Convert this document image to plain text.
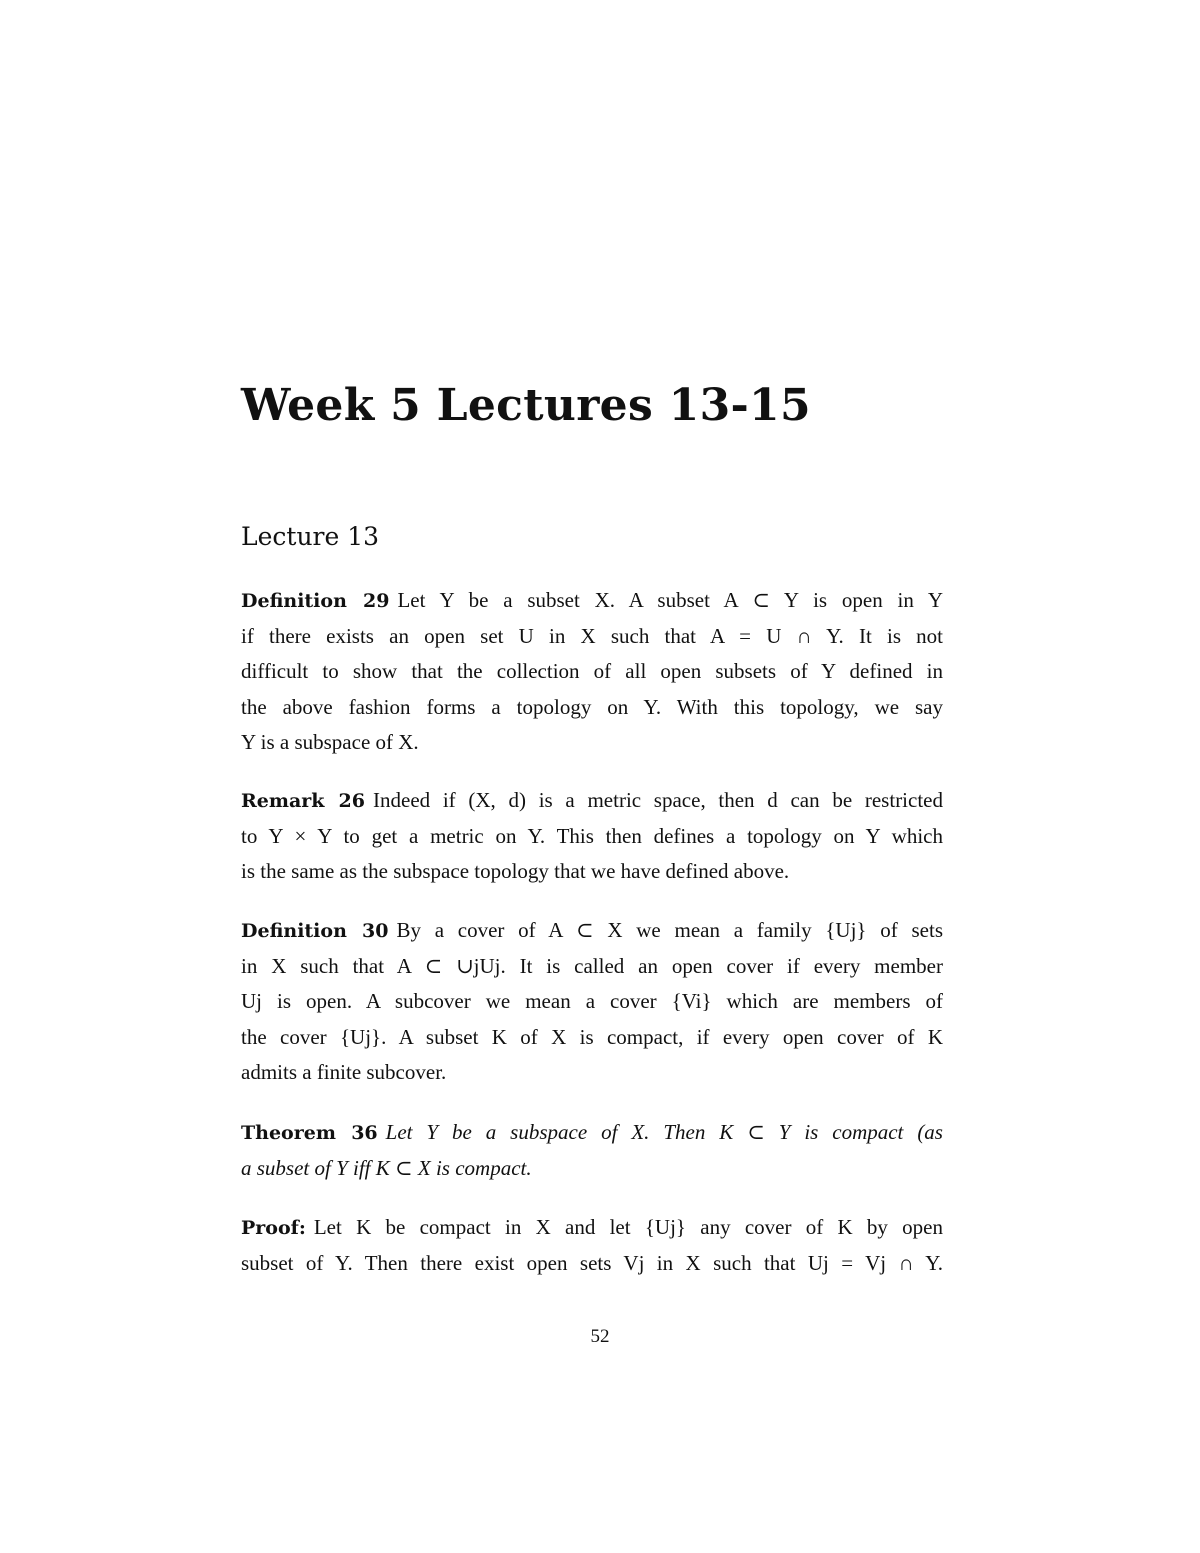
Week 5 Lectures 13-15
Lecture 13
Definition 29 Let Y be a subset X. A subset A ⊂ Y is open in Y
if there exists an open set U in X such that A = U ∩ Y. It is not
difficult to show that the collection of all open subsets of Y defined in
the above fashion forms a topology on Y. With this topology, we say
Y is a subspace of X.
Remark 26 Indeed if (X, d) is a metric space, then d can be restricted
to Y × Y to get a metric on Y. This then defines a topology on Y which
is the same as the subspace topology that we have defined above.
Definition 30 By a cover of A ⊂ X we mean a family {Uj} of sets
in X such that A ⊂ ∪jUj. It is called an open cover if every member
Uj is open. A subcover we mean a cover {Vi} which are members of
the cover {Uj}. A subset K of X is compact, if every open cover of K
admits a finite subcover.
Theorem 36 Let Y be a subspace of X. Then K ⊂ Y is compact (as
a subset of Y iff K ⊂ X is compact.
Proof: Let K be compact in X and let {Uj} any cover of K by open
subset of Y. Then there exist open sets Vj in X such that Uj = Vj ∩ Y.
52
